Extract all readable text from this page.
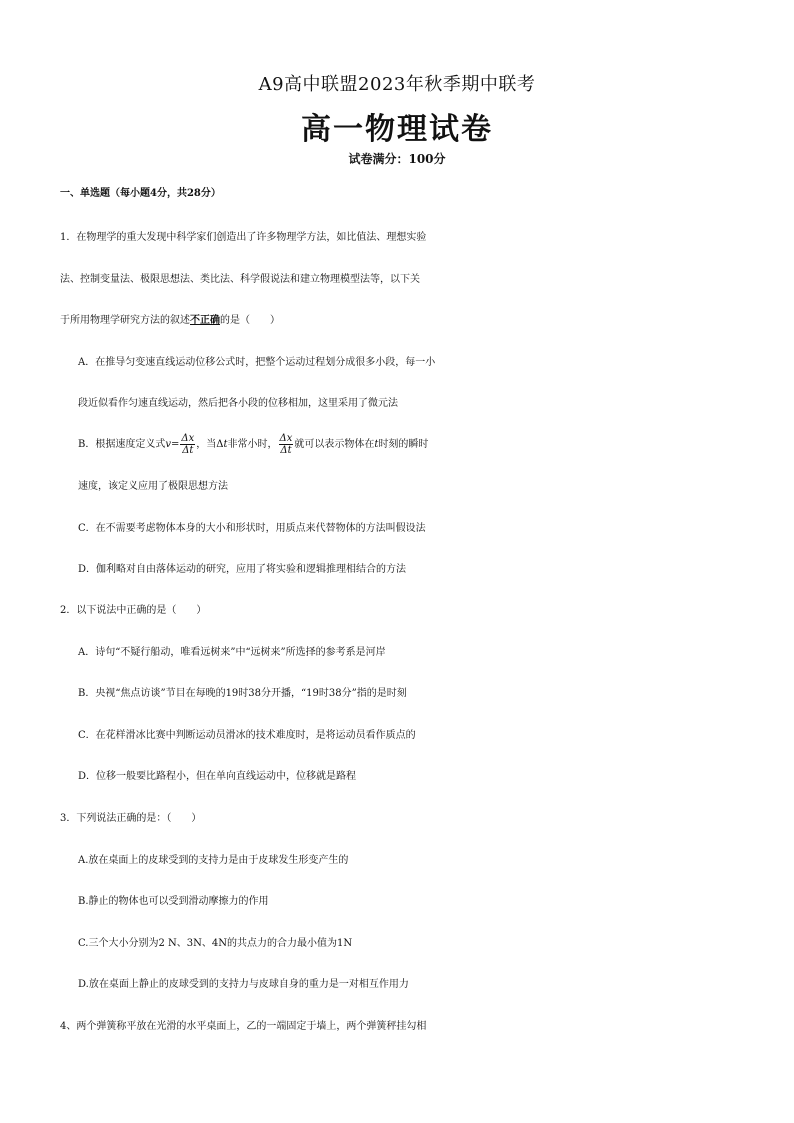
A9高中联盟2023年秋季期中联考
高一物理试卷
试卷满分：100分
一、单选题（每小题4分，共28分）
1．在物理学的重大发现中科学家们创造出了许多物理学方法，如比值法、理想实验
法、控制变量法、极限思想法、类比法、科学假说法和建立物理模型法等，以下关
于所用物理学研究方法的叙述不正确的是（　　）
A．在推导匀变速直线运动位移公式时，把整个运动过程划分成很多小段，每一小
段近似看作匀速直线运动，然后把各小段的位移相加，这里采用了微元法
B．根据速度定义式$v= \frac{\Delta x}{\Delta t}$ ，当Δt非常小时， $\frac{\Delta x}{\Delta t}$ 就可以表示物体在t时刻的瞬时
速度，该定义应用了极限思想方法
C．在不需要考虑物体本身的大小和形状时，用质点来代替物体的方法叫假设法
D．伽利略对自由落体运动的研究，应用了将实验和逻辑推理相结合的方法
2．以下说法中正确的是（　　）
A．诗句“不疑行船动，唯看远树来”中“远树来”所选择的参考系是河岸
B．央视“焦点访谈”节目在每晚的19时38分开播，“19时38分”指的是时刻
C．在花样滑冰比赛中判断运动员滑冰的技术难度时，是将运动员看作质点的
D．位移一般要比路程小，但在单向直线运动中，位移就是路程
3．下列说法正确的是：（　　）
A.放在桌面上的皮球受到的支持力是由于皮球发生形变产生的
B.静止的物体也可以受到滑动摩擦力的作用
C.三个大小分别为2 N、3N、4N的共点力的合力最小值为1N
D.放在桌面上静止的皮球受到的支持力与皮球自身的重力是一对相互作用力
4、两个弹簧称平放在光滑的水平桌面上，乙的一端固定于墙上，两个弹簧秤挂勾相
